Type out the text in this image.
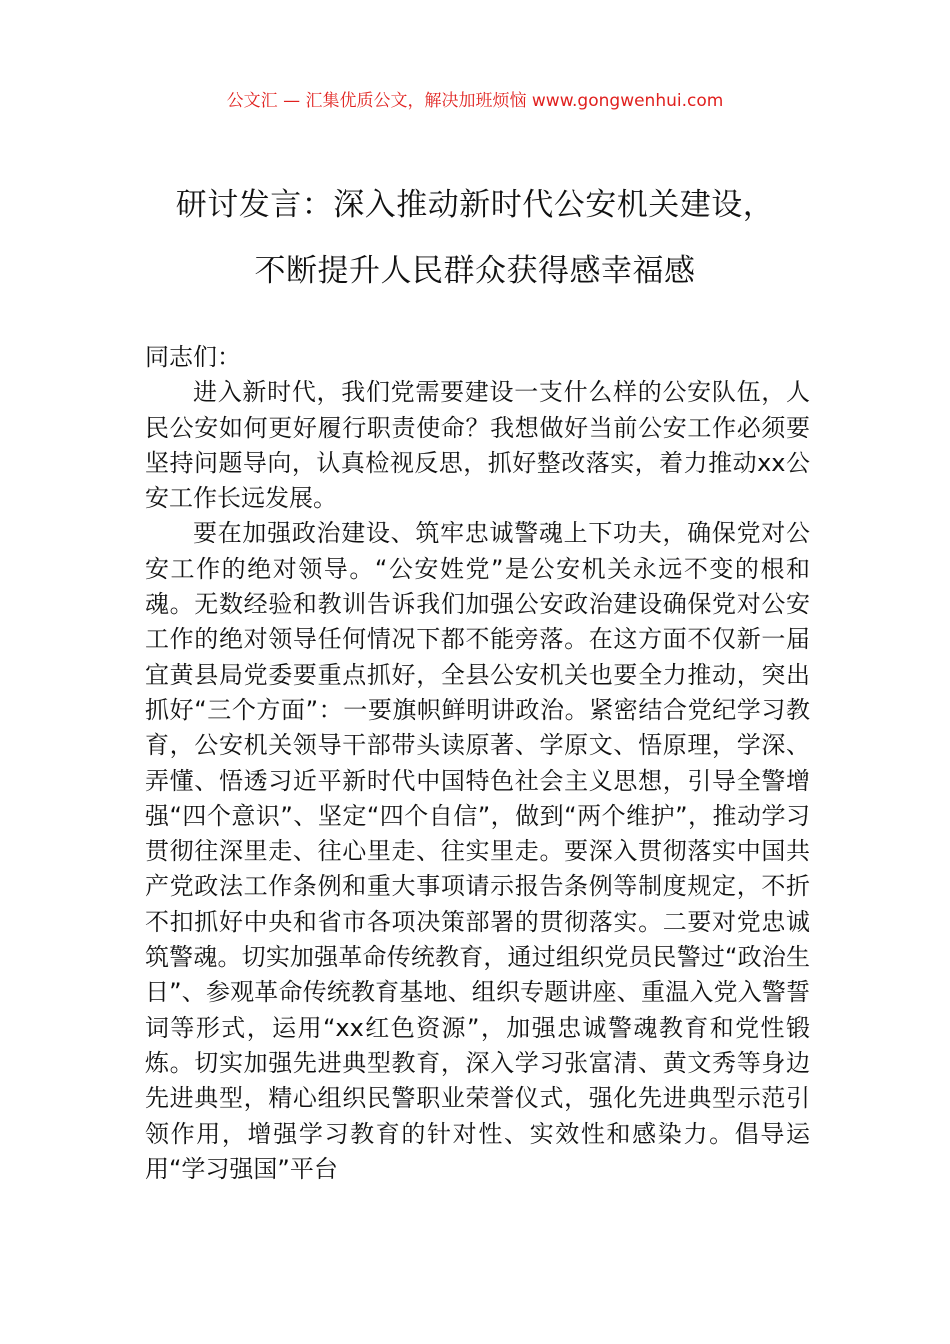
公文汇 — 汇集优质公文，解决加班烦恼 www.gongwenhui.com
研讨发言：深入推动新时代公安机关建设，
不断提升人民群众获得感幸福感

同志们：

进入新时代，我们党需要建设一支什么样的公安队伍，人民公安如何更好履行职责使命？我想做好当前公安工作必须要坚持问题导向，认真检视反思，抓好整改落实，着力推动xx公安工作长远发展。

要在加强政治建设、筑牢忠诚警魂上下功夫，确保党对公安工作的绝对领导。“公安姓党”是公安机关永远不变的根和魂。无数经验和教训告诉我们加强公安政治建设确保党对公安工作的绝对领导任何情况下都不能旁落。在这方面不仅新一届宜黄县局党委要重点抓好，全县公安机关也要全力推动，突出抓好“三个方面”：一要旗帜鲜明讲政治。紧密结合党纪学习教育，公安机关领导干部带头读原著、学原文、悟原理，学深、弄懂、悟透习近平新时代中国特色社会主义思想，引导全警增强“四个意识”、坚定“四个自信”，做到“两个维护”，推动学习贯彻往深里走、往心里走、往实里走。要深入贯彻落实中国共产党政法工作条例和重大事项请示报告条例等制度规定，不折不扣抓好中央和省市各项决策部署的贯彻落实。二要对党忠诚筑警魂。切实加强革命传统教育，通过组织党员民警过“政治生日”、参观革命传统教育基地、组织专题讲座、重温入党入警誓词等形式，运用“xx红色资源”，加强忠诚警魂教育和党性锻炼。切实加强先进典型教育，深入学习张富清、黄文秀等身边先进典型，精心组织民警职业荣誉仪式，强化先进典型示范引领作用，增强学习教育的针对性、实效性和感染力。倡导运用“学习强国”平台
